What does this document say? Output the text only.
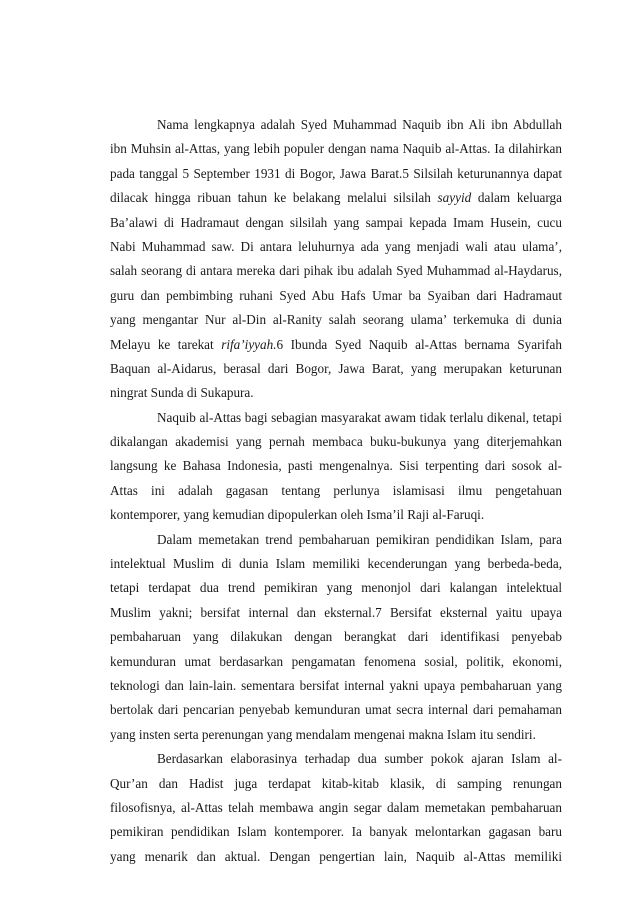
Nama lengkapnya adalah Syed Muhammad Naquib ibn Ali ibn Abdullah
ibn Muhsin al-Attas, yang lebih populer dengan nama Naquib al-Attas. Ia dilahirkan
pada tanggal 5 September 1931 di Bogor, Jawa Barat.5 Silsilah keturunannya dapat
dilacak hingga ribuan tahun ke belakang melalui silsilah sayyid dalam keluarga
Ba’alawi di Hadramaut dengan silsilah yang sampai kepada Imam Husein, cucu
Nabi Muhammad saw. Di antara leluhurnya ada yang menjadi wali atau ulama’,
salah seorang di antara mereka dari pihak ibu adalah Syed Muhammad al-Haydarus,
guru dan pembimbing ruhani Syed Abu Hafs Umar ba Syaiban dari Hadramaut
yang mengantar Nur al-Din al-Ranity salah seorang ulama’ terkemuka di dunia
Melayu ke tarekat rifa’iyyah.6 Ibunda Syed Naquib al-Attas bernama Syarifah
Baquan al-Aidarus, berasal dari Bogor, Jawa Barat, yang merupakan keturunan
ningrat Sunda di Sukapura.
Naquib al-Attas bagi sebagian masyarakat awam tidak terlalu dikenal, tetapi
dikalangan akademisi yang pernah membaca buku-bukunya yang diterjemahkan
langsung ke Bahasa Indonesia, pasti mengenalnya. Sisi terpenting dari sosok al-
Attas ini adalah gagasan tentang perlunya islamisasi ilmu pengetahuan
kontemporer, yang kemudian dipopulerkan oleh Isma’il Raji al-Faruqi.
Dalam memetakan trend pembaharuan pemikiran pendidikan Islam, para
intelektual Muslim di dunia Islam memiliki kecenderungan yang berbeda-beda,
tetapi terdapat dua trend pemikiran yang menonjol dari kalangan intelektual
Muslim yakni; bersifat internal dan eksternal.7 Bersifat eksternal yaitu upaya
pembaharuan yang dilakukan dengan berangkat dari identifikasi penyebab
kemunduran umat berdasarkan pengamatan fenomena sosial, politik, ekonomi,
teknologi dan lain-lain. sementara bersifat internal yakni upaya pembaharuan yang
bertolak dari pencarian penyebab kemunduran umat secra internal dari pemahaman
yang insten serta perenungan yang mendalam mengenai makna Islam itu sendiri.
Berdasarkan elaborasinya terhadap dua sumber pokok ajaran Islam al-
Qur’an dan Hadist juga terdapat kitab-kitab klasik, di samping renungan
filosofisnya, al-Attas telah membawa angin segar dalam memetakan pembaharuan
pemikiran pendidikan Islam kontemporer. Ia banyak melontarkan gagasan baru
yang menarik dan aktual. Dengan pengertian lain, Naquib al-Attas memiliki
